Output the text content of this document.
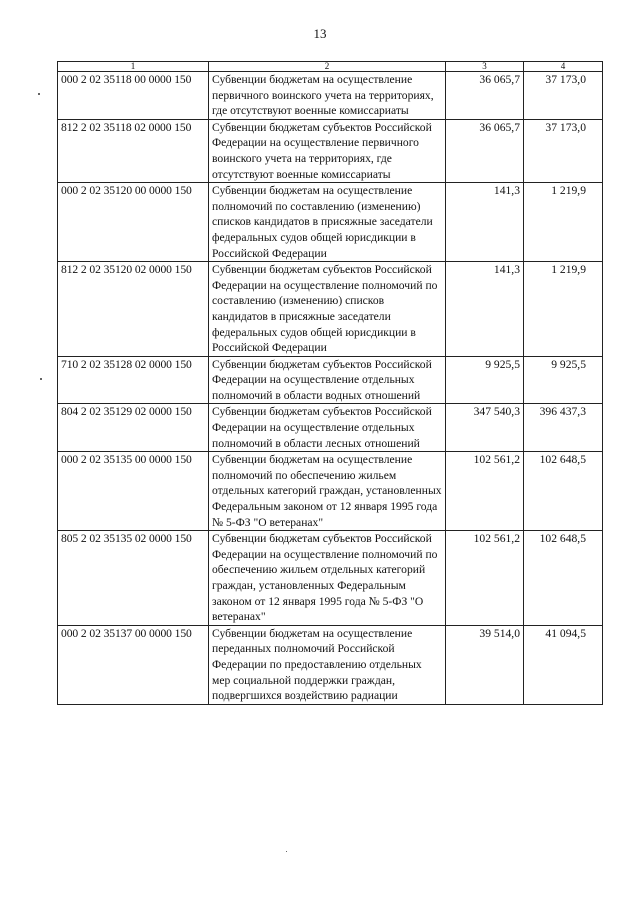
13
1	2	3	4
000 2 02 35118 00 0000 150	Субвенции бюджетам на осуществление первичного воинского учета на территориях, где отсутствуют военные комиссариаты	36 065,7	37 173,0
812 2 02 35118 02 0000 150	Субвенции бюджетам субъектов Российской Федерации на осуществление первичного воинского учета на территориях, где отсутствуют военные комиссариаты	36 065,7	37 173,0
000 2 02 35120 00 0000 150	Субвенции бюджетам на осуществление полномочий по составлению (изменению) списков кандидатов в присяжные заседатели федеральных судов общей юрисдикции в Российской Федерации	141,3	1 219,9
812 2 02 35120 02 0000 150	Субвенции бюджетам субъектов Российской Федерации на осуществление полномочий по составлению (изменению) списков кандидатов в присяжные заседатели федеральных судов общей юрисдикции в Российской Федерации	141,3	1 219,9
710 2 02 35128 02 0000 150	Субвенции бюджетам субъектов Российской Федерации на осуществление отдельных полномочий в области водных отношений	9 925,5	9 925,5
804 2 02 35129 02 0000 150	Субвенции бюджетам субъектов Российской Федерации на осуществление отдельных полномочий в области лесных отношений	347 540,3	396 437,3
000 2 02 35135 00 0000 150	Субвенции бюджетам на осуществление полномочий по обеспечению жильем отдельных категорий граждан, установленных Федеральным законом от 12 января 1995 года № 5-ФЗ "О ветеранах"	102 561,2	102 648,5
805 2 02 35135 02 0000 150	Субвенции бюджетам субъектов Российской Федерации на осуществление полномочий по обеспечению жильем отдельных категорий граждан, установленных Федеральным законом от 12 января 1995 года № 5-ФЗ "О ветеранах"	102 561,2	102 648,5
000 2 02 35137 00 0000 150	Субвенции бюджетам на осуществление переданных полномочий Российской Федерации по предоставлению отдельных мер социальной поддержки граждан, подвергшихся воздействию радиации	39 514,0	41 094,5
